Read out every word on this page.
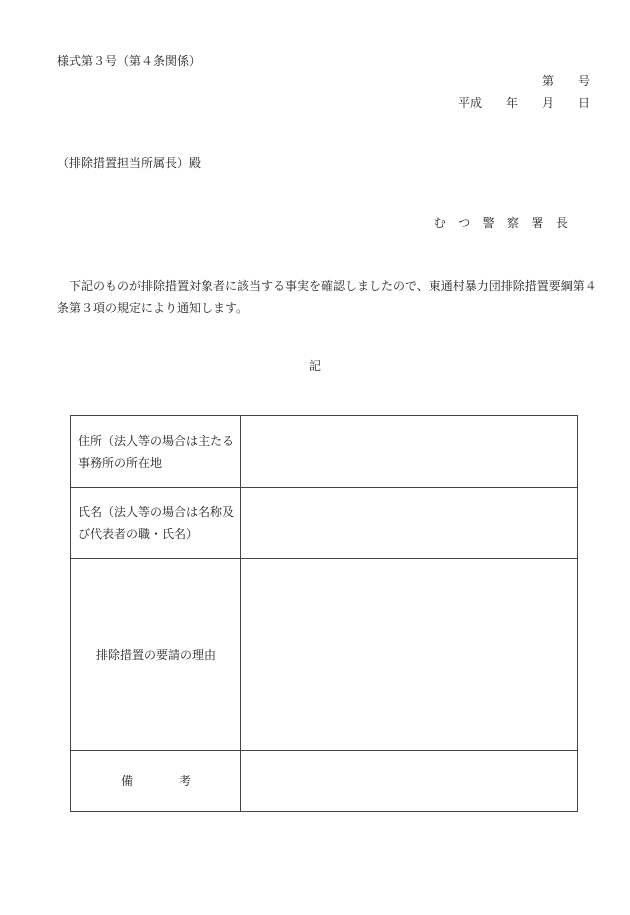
様式第３号（第４条関係）
第　　号
平成　　年　　月　　日
（排除措置担当所属長）殿
む　つ　警　察　署　長
下記のものが排除措置対象者に該当する事実を確認しましたので、東通村暴力団排除措置要綱第４条第３項の規定により通知します。
記
住所（法人等の場合は主たる事務所の所在地	
氏名（法人等の場合は名称及び代表者の職・氏名）	
排除措置の要請の理由	
備 考	
